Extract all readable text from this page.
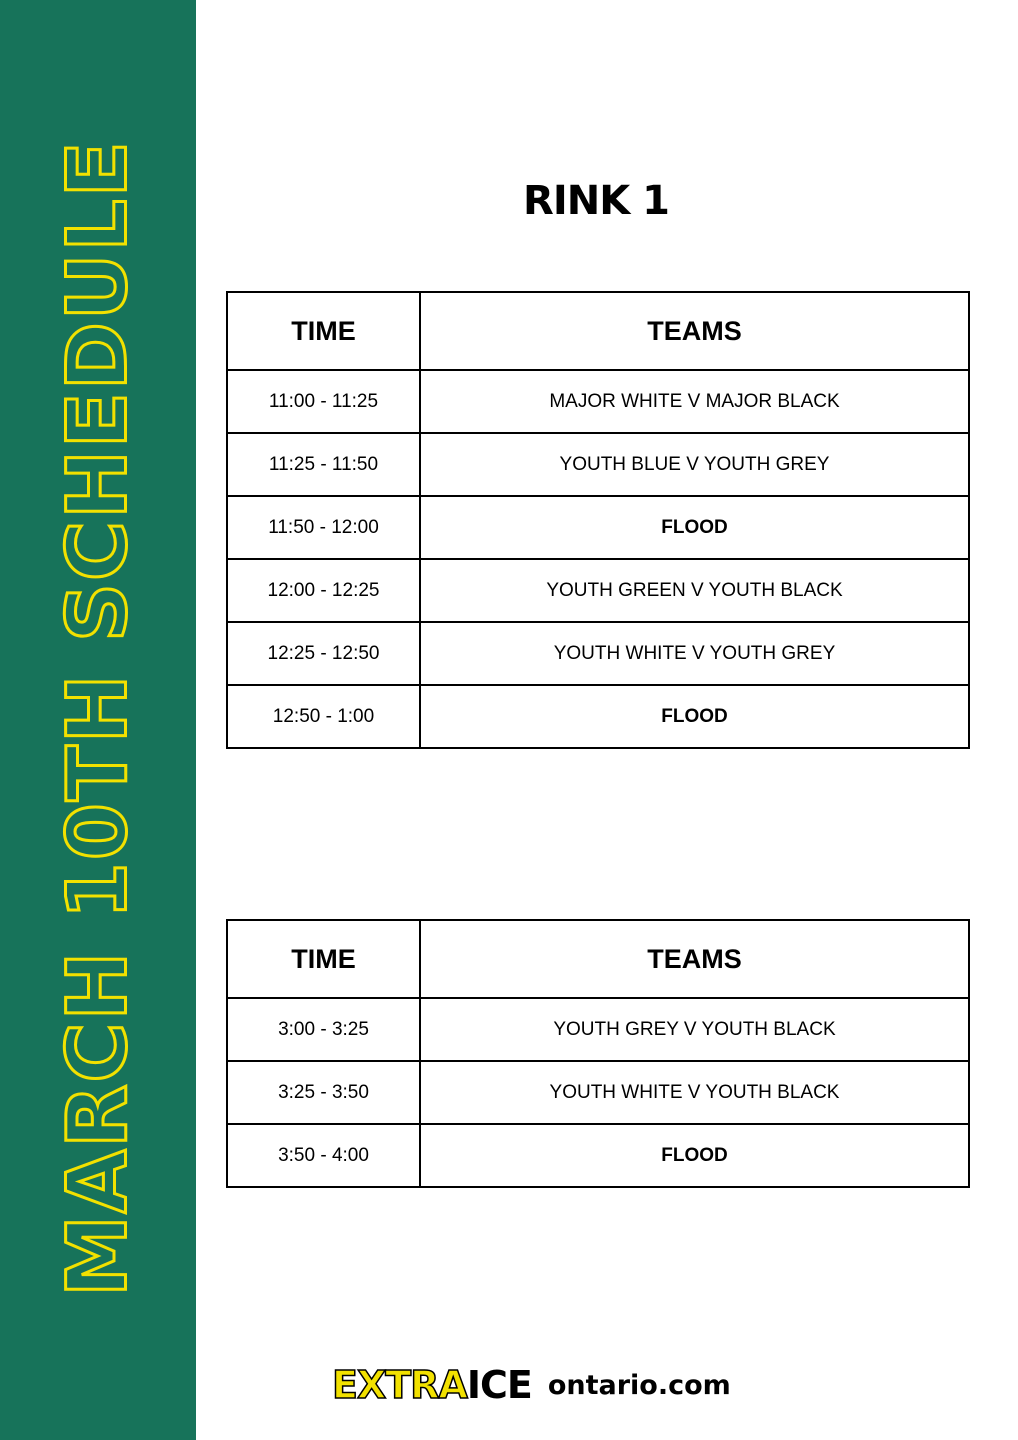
MARCH 10TH SCHEDULE	RINK 1
TIME	TEAMS
11:00 - 11:25	MAJOR WHITE V MAJOR BLACK
11:25 - 11:50	YOUTH BLUE V YOUTH GREY
11:50 - 12:00	FLOOD
12:00 - 12:25	YOUTH GREEN V YOUTH BLACK
12:25 - 12:50	YOUTH WHITE V YOUTH GREY
12:50 - 1:00	FLOOD
TIME	TEAMS
3:00 - 3:25	YOUTH GREY V YOUTH BLACK
3:25 - 3:50	YOUTH WHITE V YOUTH BLACK
3:50 - 4:00	FLOOD
EXTRA ICE ontario.com
